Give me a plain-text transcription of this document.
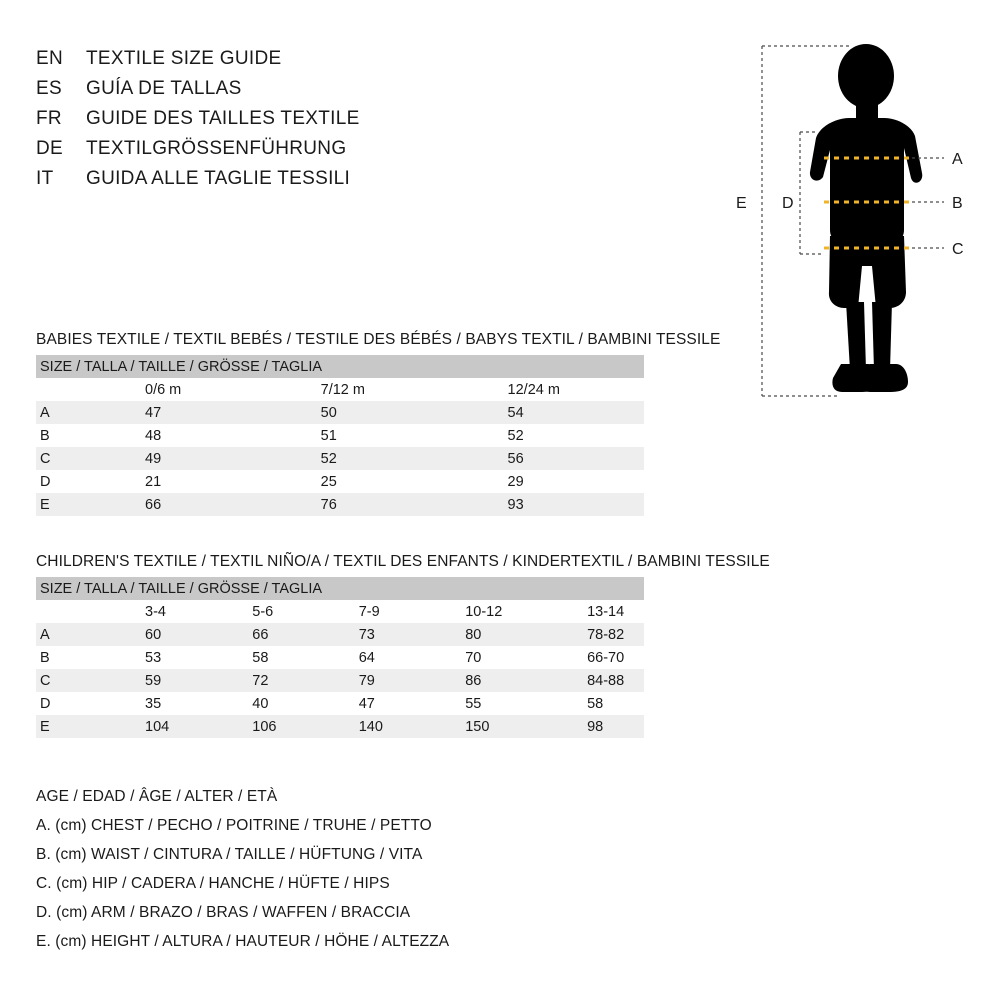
EN	TEXTILE SIZE GUIDE
ES	GUÍA DE TALLAS
FR	GUIDE DES TAILLES TEXTILE
DE	TEXTILGRÖSSENFÜHRUNG
IT	GUIDA ALLE TAGLIE TESSILI
BABIES TEXTILE / TEXTIL BEBÉS / TESTILE DES BÉBÉS / BABYS TEXTIL / BAMBINI TESSILE
SIZE / TALLA / TAILLE / GRÖSSE / TAGLIA			
	0/6 m	7/12 m	12/24 m
A	47	50	54
B	48	51	52
C	49	52	56
D	21	25	29
E	66	76	93
CHILDREN'S TEXTILE / TEXTIL NIÑO/A / TEXTIL DES ENFANTS / KINDERTEXTIL / BAMBINI TESSILE
SIZE / TALLA / TAILLE / GRÖSSE / TAGLIA					
	3-4	5-6	7-9	10-12	13-14
A	60	66	73	80	78-82
B	53	58	64	70	66-70
C	59	72	79	86	84-88
D	35	40	47	55	58
E	104	106	140	150	98
AGE / EDAD / ÂGE / ALTER / ETÀ
A. (cm) CHEST / PECHO / POITRINE / TRUHE / PETTO
B. (cm) WAIST / CINTURA / TAILLE / HÜFTUNG / VITA
C. (cm) HIP / CADERA / HANCHE / HÜFTE / HIPS
D. (cm) ARM / BRAZO / BRAS / WAFFEN / BRACCIA
E. (cm) HEIGHT / ALTURA / HAUTEUR / HÖHE / ALTEZZA
A
B
C
D
E
